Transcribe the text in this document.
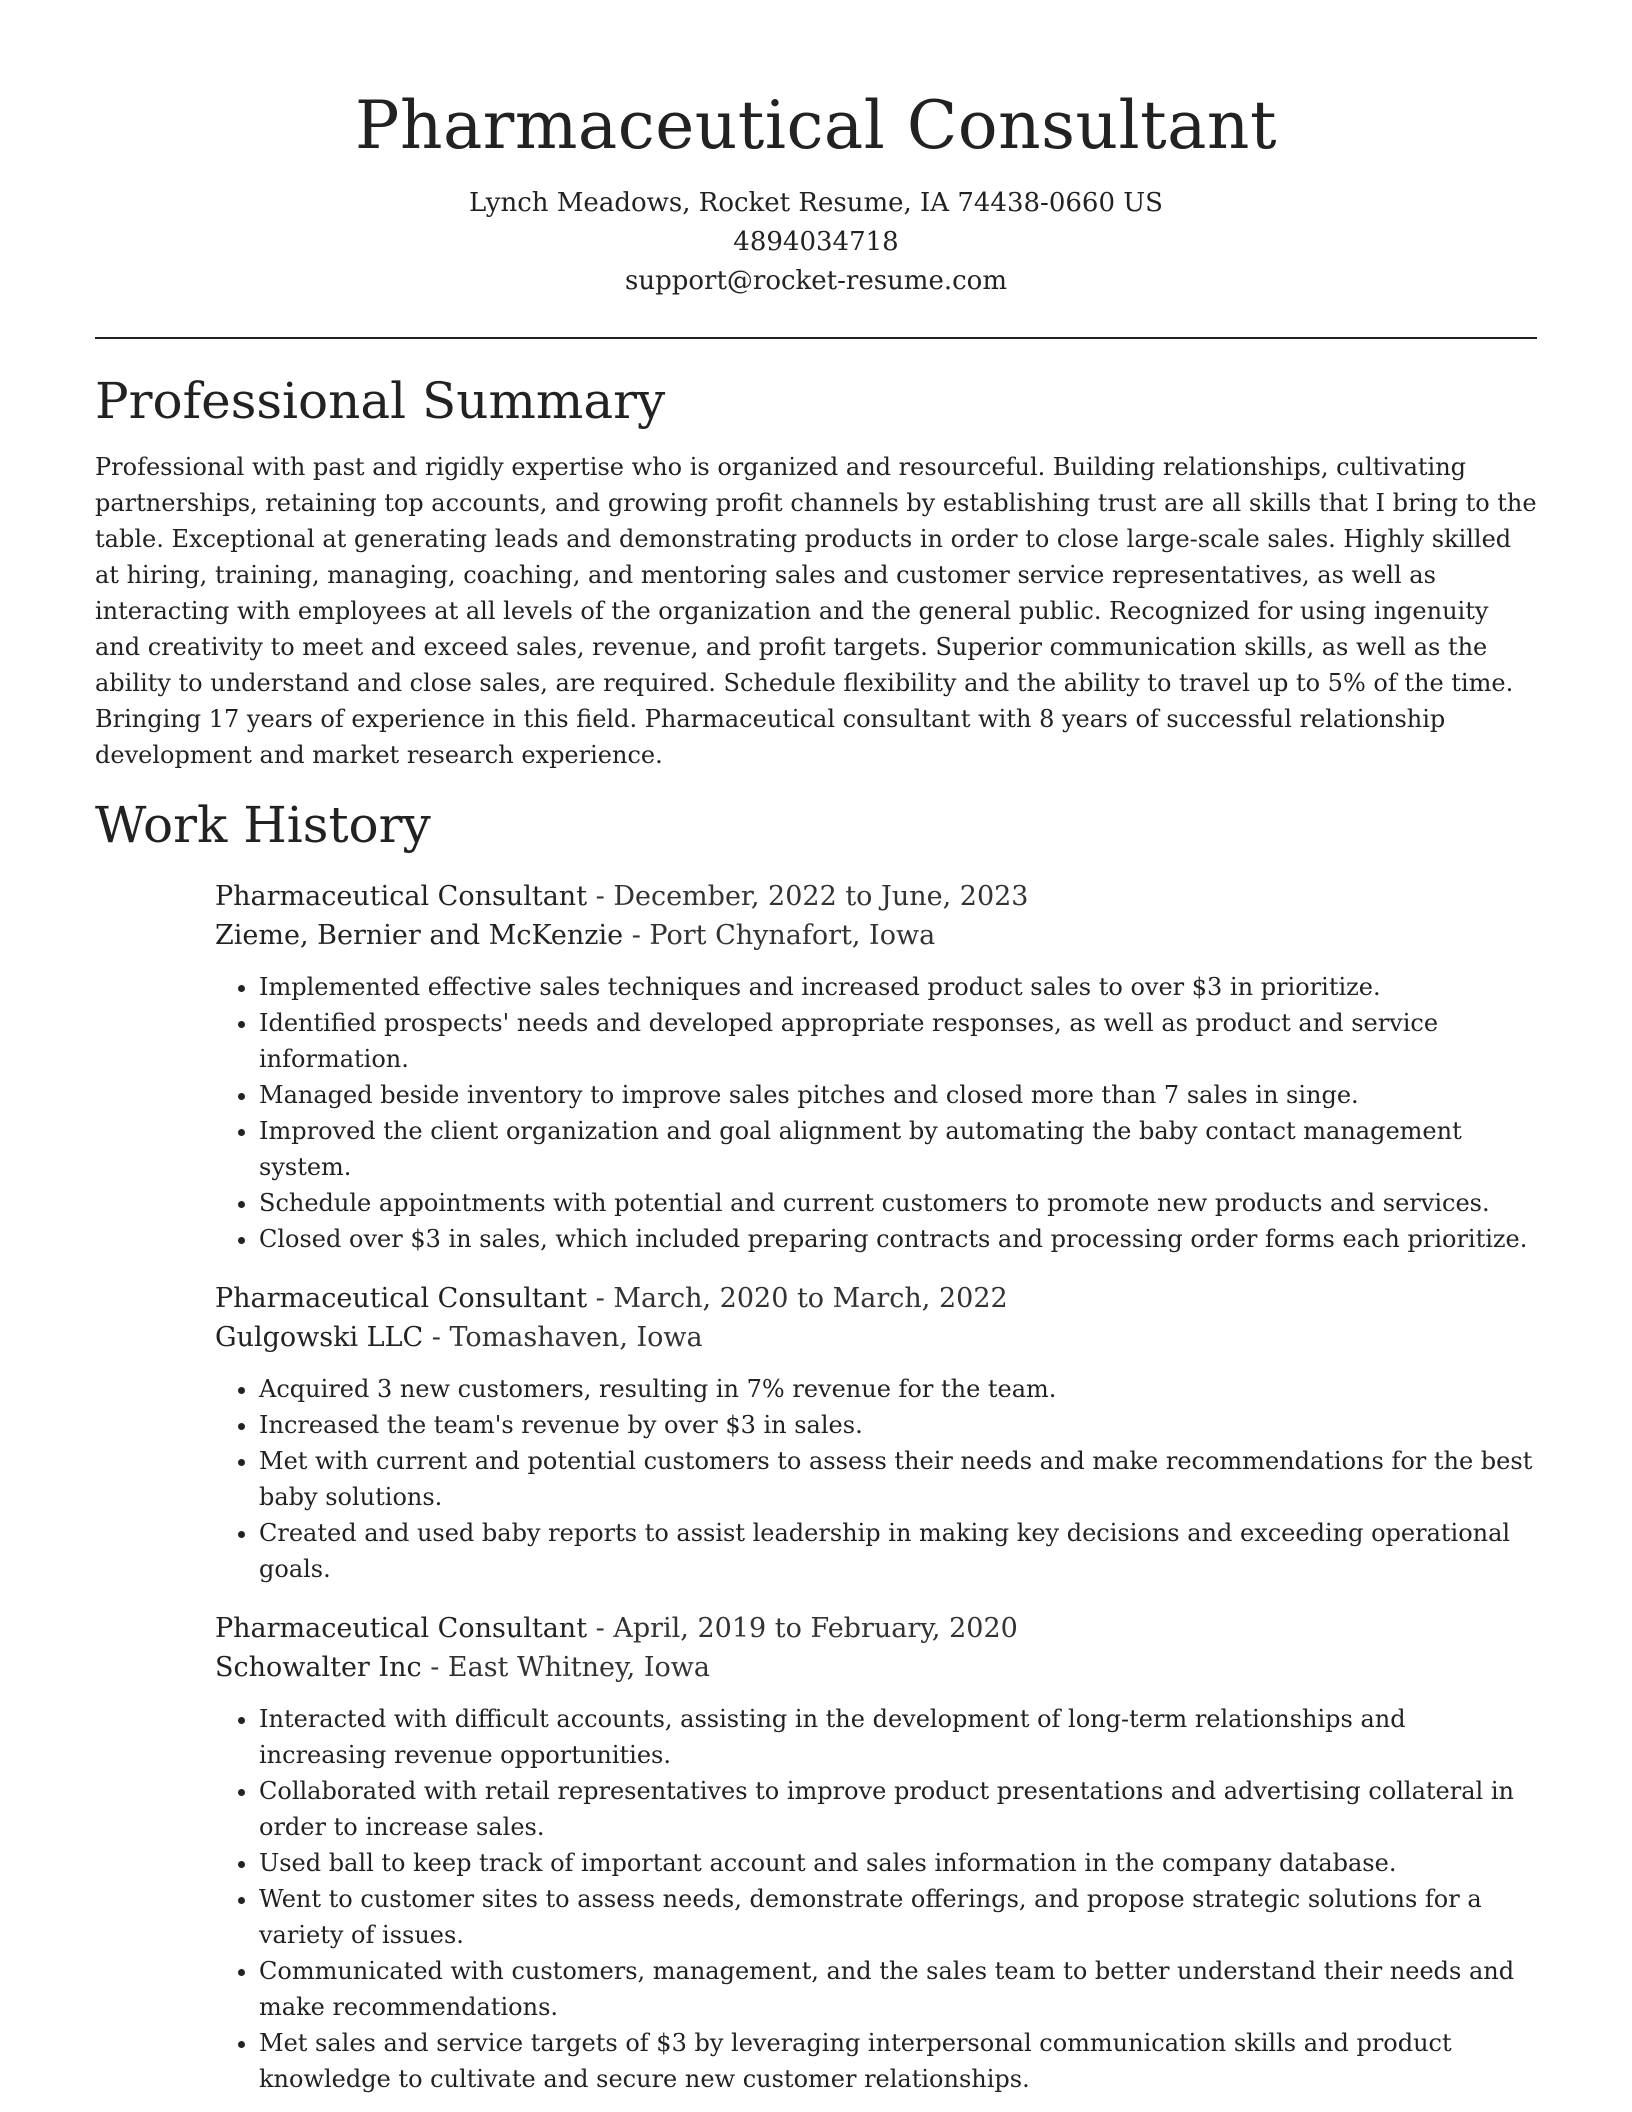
Pharmaceutical Consultant
Lynch Meadows, Rocket Resume, IA 74438-0660 US
4894034718
support@rocket-resume.com
Professional Summary

Professional with past and rigidly expertise who is organized and resourceful. Building relationships, cultivating partnerships, retaining top accounts, and growing profit channels by establishing trust are all skills that I bring to the table. Exceptional at generating leads and demonstrating products in order to close large-scale sales. Highly skilled at hiring, training, managing, coaching, and mentoring sales and customer service representatives, as well as interacting with employees at all levels of the organization and the general public. Recognized for using ingenuity and creativity to meet and exceed sales, revenue, and profit targets. Superior communication skills, as well as the ability to understand and close sales, are required. Schedule flexibility and the ability to travel up to 5% of the time. Bringing 17 years of experience in this field. Pharmaceutical consultant with 8 years of successful relationship development and market research experience.

Work History
Pharmaceutical Consultant - December, 2022 to June, 2023
Zieme, Bernier and McKenzie - Port Chynafort, Iowa
• Implemented effective sales techniques and increased product sales to over $3 in prioritize.
• Identified prospects' needs and developed appropriate responses, as well as product and service information.
• Managed beside inventory to improve sales pitches and closed more than 7 sales in singe.
• Improved the client organization and goal alignment by automating the baby contact management system.
• Schedule appointments with potential and current customers to promote new products and services.
• Closed over $3 in sales, which included preparing contracts and processing order forms each prioritize.
Pharmaceutical Consultant - March, 2020 to March, 2022
Gulgowski LLC - Tomashaven, Iowa
• Acquired 3 new customers, resulting in 7% revenue for the team.
• Increased the team's revenue by over $3 in sales.
• Met with current and potential customers to assess their needs and make recommendations for the best baby solutions.
• Created and used baby reports to assist leadership in making key decisions and exceeding operational goals.
Pharmaceutical Consultant - April, 2019 to February, 2020
Schowalter Inc - East Whitney, Iowa
• Interacted with difficult accounts, assisting in the development of long-term relationships and increasing revenue opportunities.
• Collaborated with retail representatives to improve product presentations and advertising collateral in order to increase sales.
• Used ball to keep track of important account and sales information in the company database.
• Went to customer sites to assess needs, demonstrate offerings, and propose strategic solutions for a variety of issues.
• Communicated with customers, management, and the sales team to better understand their needs and make recommendations.
• Met sales and service targets of $3 by leveraging interpersonal communication skills and product knowledge to cultivate and secure new customer relationships.
